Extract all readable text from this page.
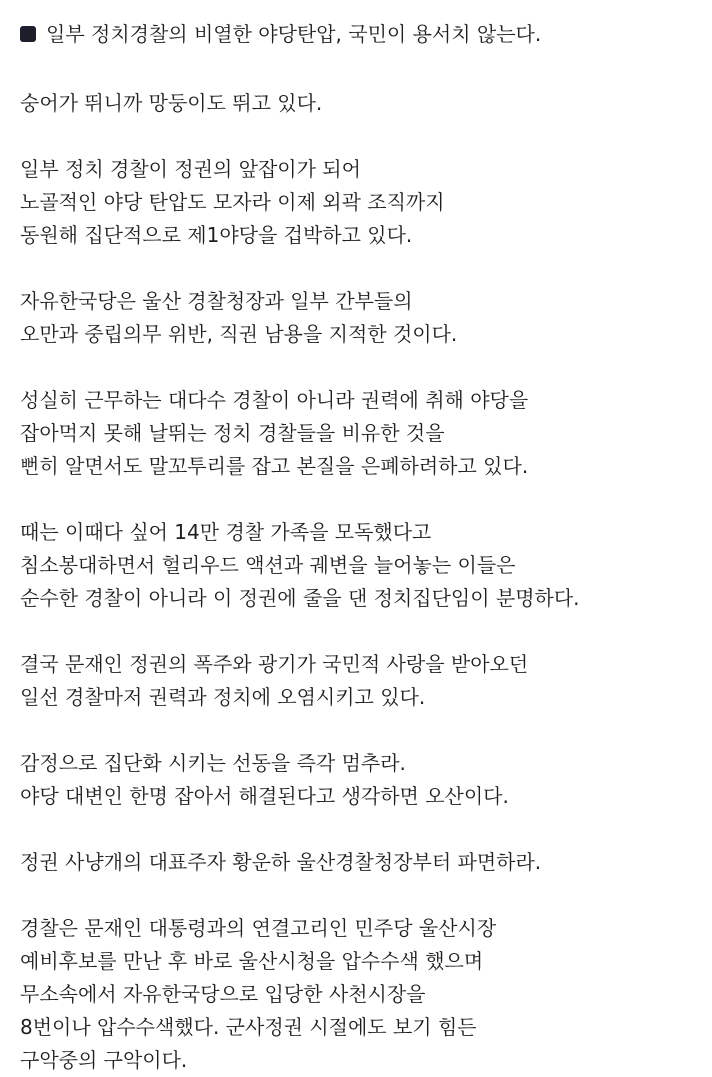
일부 정치경찰의 비열한 야당탄압, 국민이 용서치 않는다.
숭어가 뛰니까 망둥이도 뛰고 있다.
일부 정치 경찰이 정권의 앞잡이가 되어
노골적인 야당 탄압도 모자라 이제 외곽 조직까지
동원해 집단적으로 제1야당을 겁박하고 있다.
자유한국당은 울산 경찰청장과 일부 간부들의
오만과 중립의무 위반, 직권 남용을 지적한 것이다.
성실히 근무하는 대다수 경찰이 아니라 권력에 취해 야당을
잡아먹지 못해 날뛰는 정치 경찰들을 비유한 것을
뻔히 알면서도 말꼬투리를 잡고 본질을 은폐하려하고 있다.
때는 이때다 싶어 14만 경찰 가족을 모독했다고
침소봉대하면서 헐리우드 액션과 궤변을 늘어놓는 이들은
순수한 경찰이 아니라 이 정권에 줄을 댄 정치집단임이 분명하다.
결국 문재인 정권의 폭주와 광기가 국민적 사랑을 받아오던
일선 경찰마저 권력과 정치에 오염시키고 있다.
감정으로 집단화 시키는 선동을 즉각 멈추라.
야당 대변인 한명 잡아서 해결된다고 생각하면 오산이다.
정권 사냥개의 대표주자 황운하 울산경찰청장부터 파면하라.
경찰은 문재인 대통령과의 연결고리인 민주당 울산시장
예비후보를 만난 후 바로 울산시청을 압수수색 했으며
무소속에서 자유한국당으로 입당한 사천시장을
8번이나 압수수색했다. 군사정권 시절에도 보기 힘든
구악중의 구악이다.
